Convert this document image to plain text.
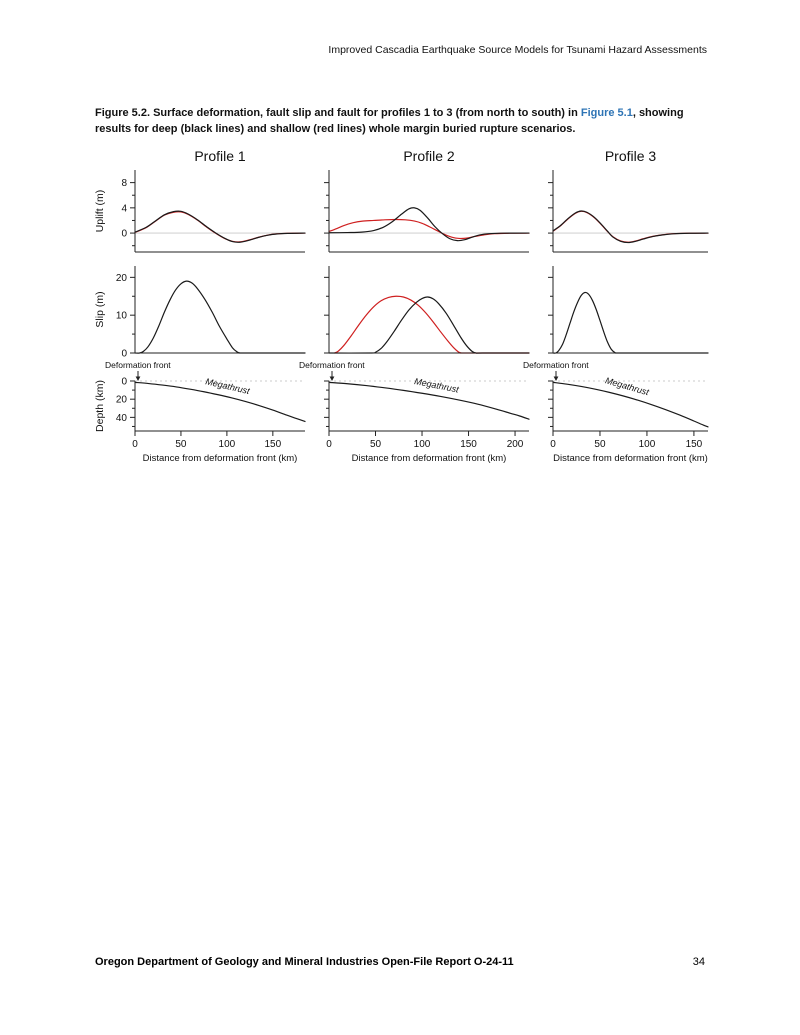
Improved Cascadia Earthquake Source Models for Tsunami Hazard Assessments

Figure 5.2. Surface deformation, fault slip and fault for profiles 1 to 3 (from north to south) in Figure 5.1, showing results for deep (black lines) and shallow (red lines) whole margin buried rupture scenarios.

Profile 1	Profile 2	Profile 3
0
4
8
Uplift (m)
0
10
20
Slip (m)
0
20
40
0	50	100	150
Distance from deformation front (km)
Depth (km)
Deformation front
Megathrust
0	50	100	150	200
Distance from deformation front (km)
Deformation front
Megathrust
0	50	100	150
Distance from deformation front (km)
Deformation front
Megathrust
Oregon Department of Geology and Mineral Industries Open-File Report O-24-11	34
